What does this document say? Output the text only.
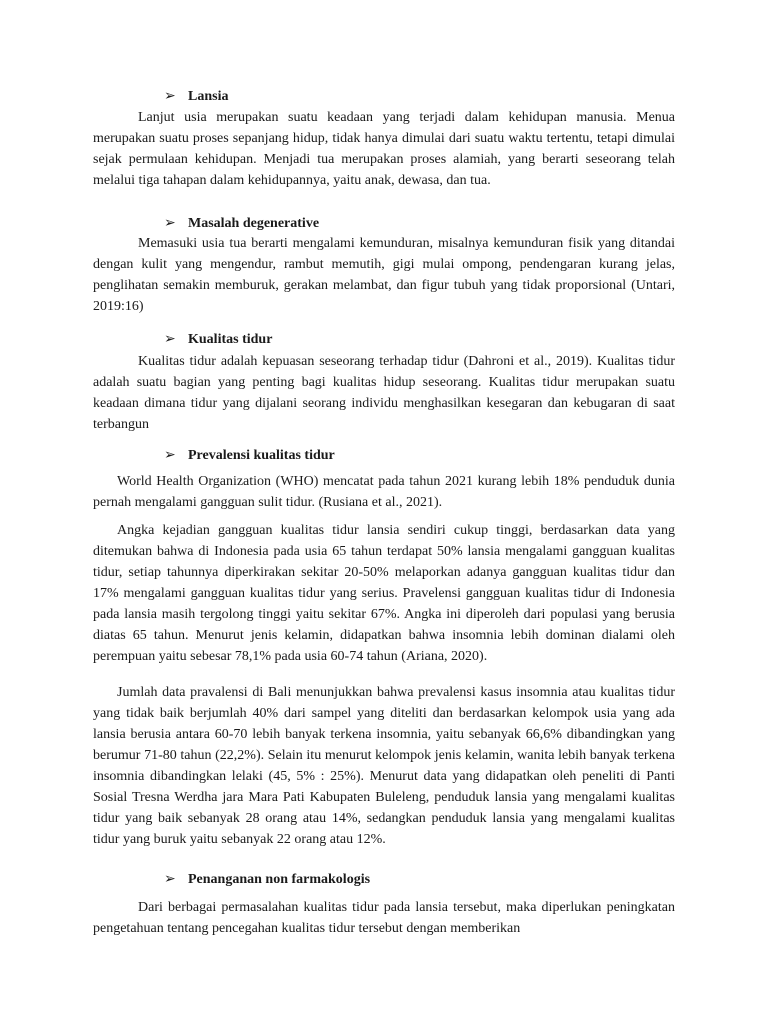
➢ Lansia

Lanjut usia merupakan suatu keadaan yang terjadi dalam kehidupan manusia. Menua merupakan suatu proses sepanjang hidup, tidak hanya dimulai dari suatu waktu tertentu, tetapi dimulai sejak permulaan kehidupan. Menjadi tua merupakan proses alamiah, yang berarti seseorang telah melalui tiga tahapan dalam kehidupannya, yaitu anak, dewasa, dan tua.

➢ Masalah degenerative

Memasuki usia tua berarti mengalami kemunduran, misalnya kemunduran fisik yang ditandai dengan kulit yang mengendur, rambut memutih, gigi mulai ompong, pendengaran kurang jelas, penglihatan semakin memburuk, gerakan melambat, dan figur tubuh yang tidak proporsional (Untari, 2019:16)

➢ Kualitas tidur

Kualitas tidur adalah kepuasan seseorang terhadap tidur (Dahroni et al., 2019). Kualitas tidur adalah suatu bagian yang penting bagi kualitas hidup seseorang. Kualitas tidur merupakan suatu keadaan dimana tidur yang dijalani seorang individu menghasilkan kesegaran dan kebugaran di saat terbangun

➢ Prevalensi kualitas tidur

World Health Organization (WHO) mencatat pada tahun 2021 kurang lebih 18% penduduk dunia pernah mengalami gangguan sulit tidur. (Rusiana et al., 2021).

Angka kejadian gangguan kualitas tidur lansia sendiri cukup tinggi, berdasarkan data yang ditemukan bahwa di Indonesia pada usia 65 tahun terdapat 50% lansia mengalami gangguan kualitas tidur, setiap tahunnya diperkirakan sekitar 20-50% melaporkan adanya gangguan kualitas tidur dan 17% mengalami gangguan kualitas tidur yang serius. Pravelensi gangguan kualitas tidur di Indonesia pada lansia masih tergolong tinggi yaitu sekitar 67%. Angka ini diperoleh dari populasi yang berusia diatas 65 tahun. Menurut jenis kelamin, didapatkan bahwa insomnia lebih dominan dialami oleh perempuan yaitu sebesar 78,1% pada usia 60-74 tahun (Ariana, 2020).

Jumlah data pravalensi di Bali menunjukkan bahwa prevalensi kasus insomnia atau kualitas tidur yang tidak baik berjumlah 40% dari sampel yang diteliti dan berdasarkan kelompok usia yang ada lansia berusia antara 60-70 lebih banyak terkena insomnia, yaitu sebanyak 66,6% dibandingkan yang berumur 71-80 tahun (22,2%). Selain itu menurut kelompok jenis kelamin, wanita lebih banyak terkena insomnia dibandingkan lelaki (45, 5% : 25%). Menurut data yang didapatkan oleh peneliti di Panti Sosial Tresna Werdha jara Mara Pati Kabupaten Buleleng, penduduk lansia yang mengalami kualitas tidur yang baik sebanyak 28 orang atau 14%, sedangkan penduduk lansia yang mengalami kualitas tidur yang buruk yaitu sebanyak 22 orang atau 12%.

➢ Penanganan non farmakologis

Dari berbagai permasalahan kualitas tidur pada lansia tersebut, maka diperlukan peningkatan pengetahuan tentang pencegahan kualitas tidur tersebut dengan memberikan
